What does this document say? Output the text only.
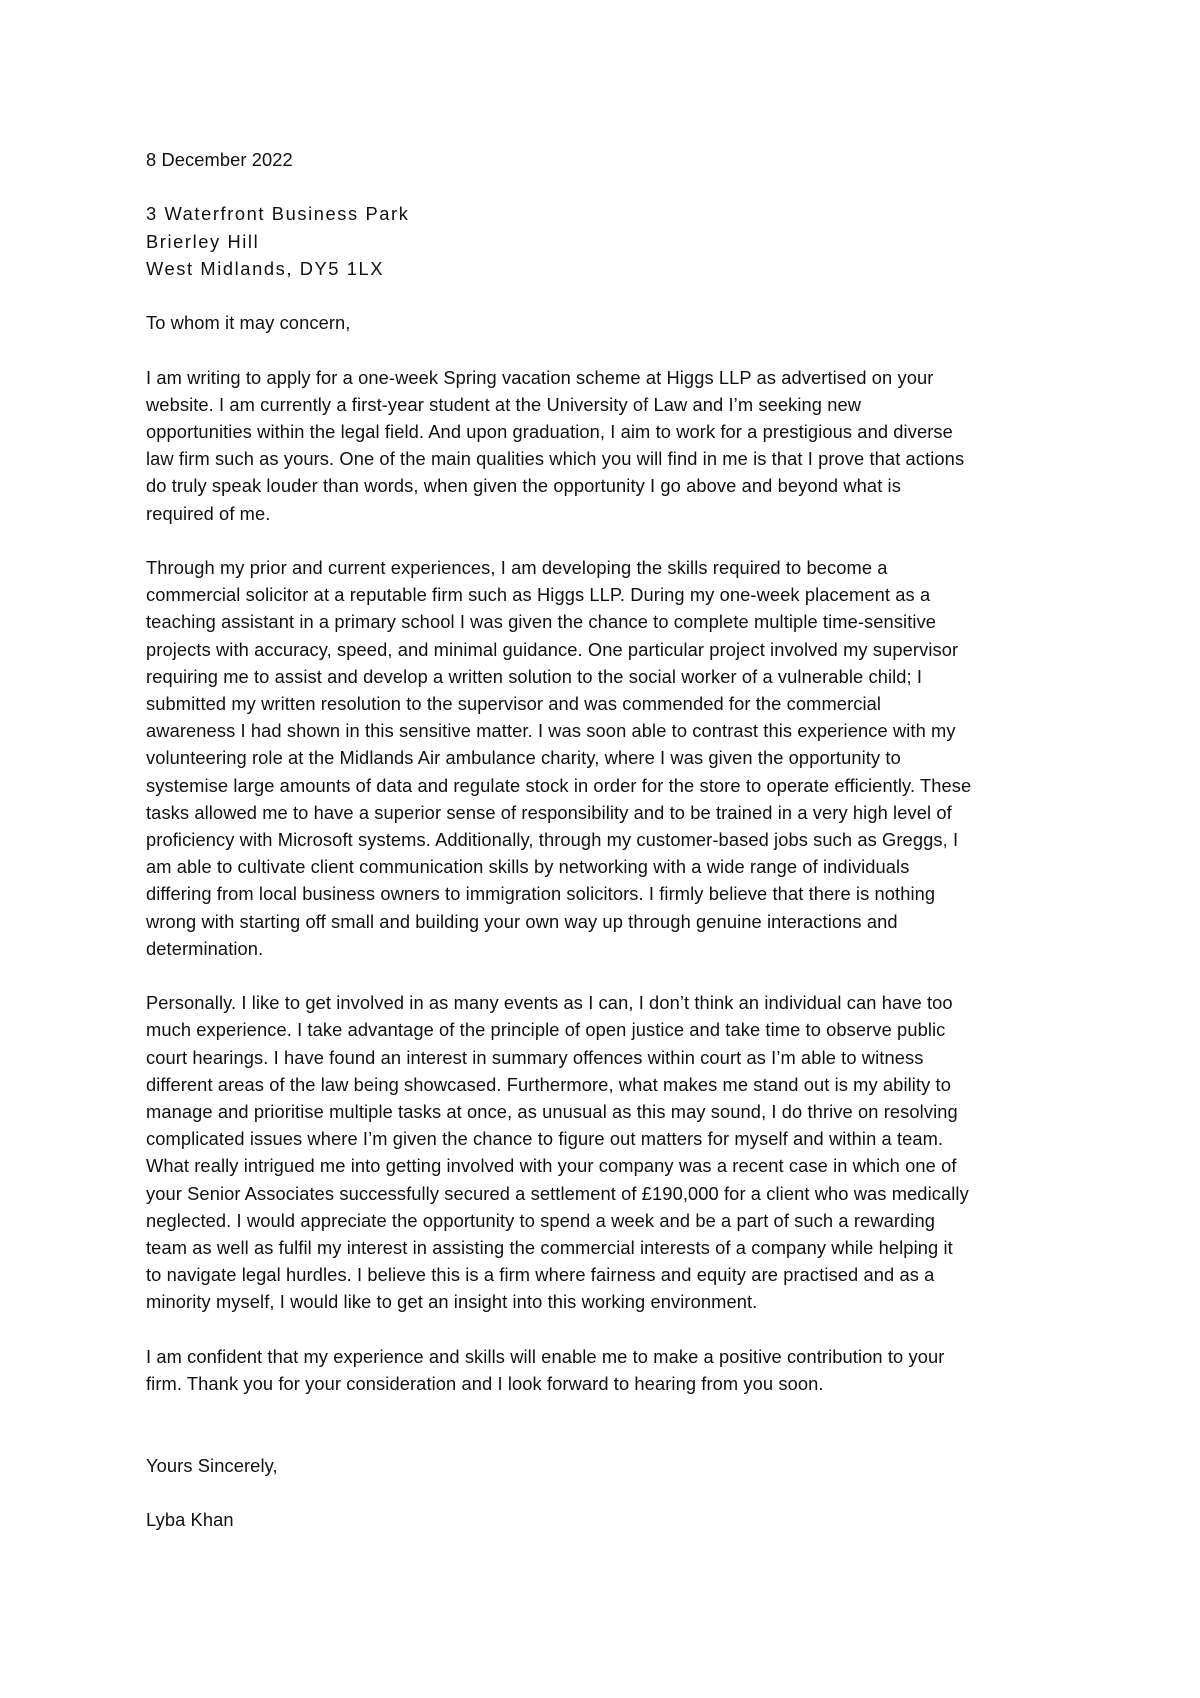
8 December 2022
3 Waterfront Business Park
Brierley Hill
West Midlands, DY5 1LX
To whom it may concern,
I am writing to apply for a one-week Spring vacation scheme at Higgs LLP as advertised on your
website. I am currently a first-year student at the University of Law and I’m seeking new
opportunities within the legal field. And upon graduation, I aim to work for a prestigious and diverse
law firm such as yours. One of the main qualities which you will find in me is that I prove that actions
do truly speak louder than words, when given the opportunity I go above and beyond what is
required of me.
Through my prior and current experiences, I am developing the skills required to become a
commercial solicitor at a reputable firm such as Higgs LLP. During my one-week placement as a
teaching assistant in a primary school I was given the chance to complete multiple time-sensitive
projects with accuracy, speed, and minimal guidance. One particular project involved my supervisor
requiring me to assist and develop a written solution to the social worker of a vulnerable child; I
submitted my written resolution to the supervisor and was commended for the commercial
awareness I had shown in this sensitive matter. I was soon able to contrast this experience with my
volunteering role at the Midlands Air ambulance charity, where I was given the opportunity to
systemise large amounts of data and regulate stock in order for the store to operate efficiently. These
tasks allowed me to have a superior sense of responsibility and to be trained in a very high level of
proficiency with Microsoft systems. Additionally, through my customer-based jobs such as Greggs, I
am able to cultivate client communication skills by networking with a wide range of individuals
differing from local business owners to immigration solicitors. I firmly believe that there is nothing
wrong with starting off small and building your own way up through genuine interactions and
determination.
Personally. I like to get involved in as many events as I can, I don’t think an individual can have too
much experience. I take advantage of the principle of open justice and take time to observe public
court hearings. I have found an interest in summary offences within court as I’m able to witness
different areas of the law being showcased. Furthermore, what makes me stand out is my ability to
manage and prioritise multiple tasks at once, as unusual as this may sound, I do thrive on resolving
complicated issues where I’m given the chance to figure out matters for myself and within a team.
What really intrigued me into getting involved with your company was a recent case in which one of
your Senior Associates successfully secured a settlement of £190,000 for a client who was medically
neglected. I would appreciate the opportunity to spend a week and be a part of such a rewarding
team as well as fulfil my interest in assisting the commercial interests of a company while helping it
to navigate legal hurdles. I believe this is a firm where fairness and equity are practised and as a
minority myself, I would like to get an insight into this working environment.
I am confident that my experience and skills will enable me to make a positive contribution to your
firm. Thank you for your consideration and I look forward to hearing from you soon.
Yours Sincerely,
Lyba Khan
